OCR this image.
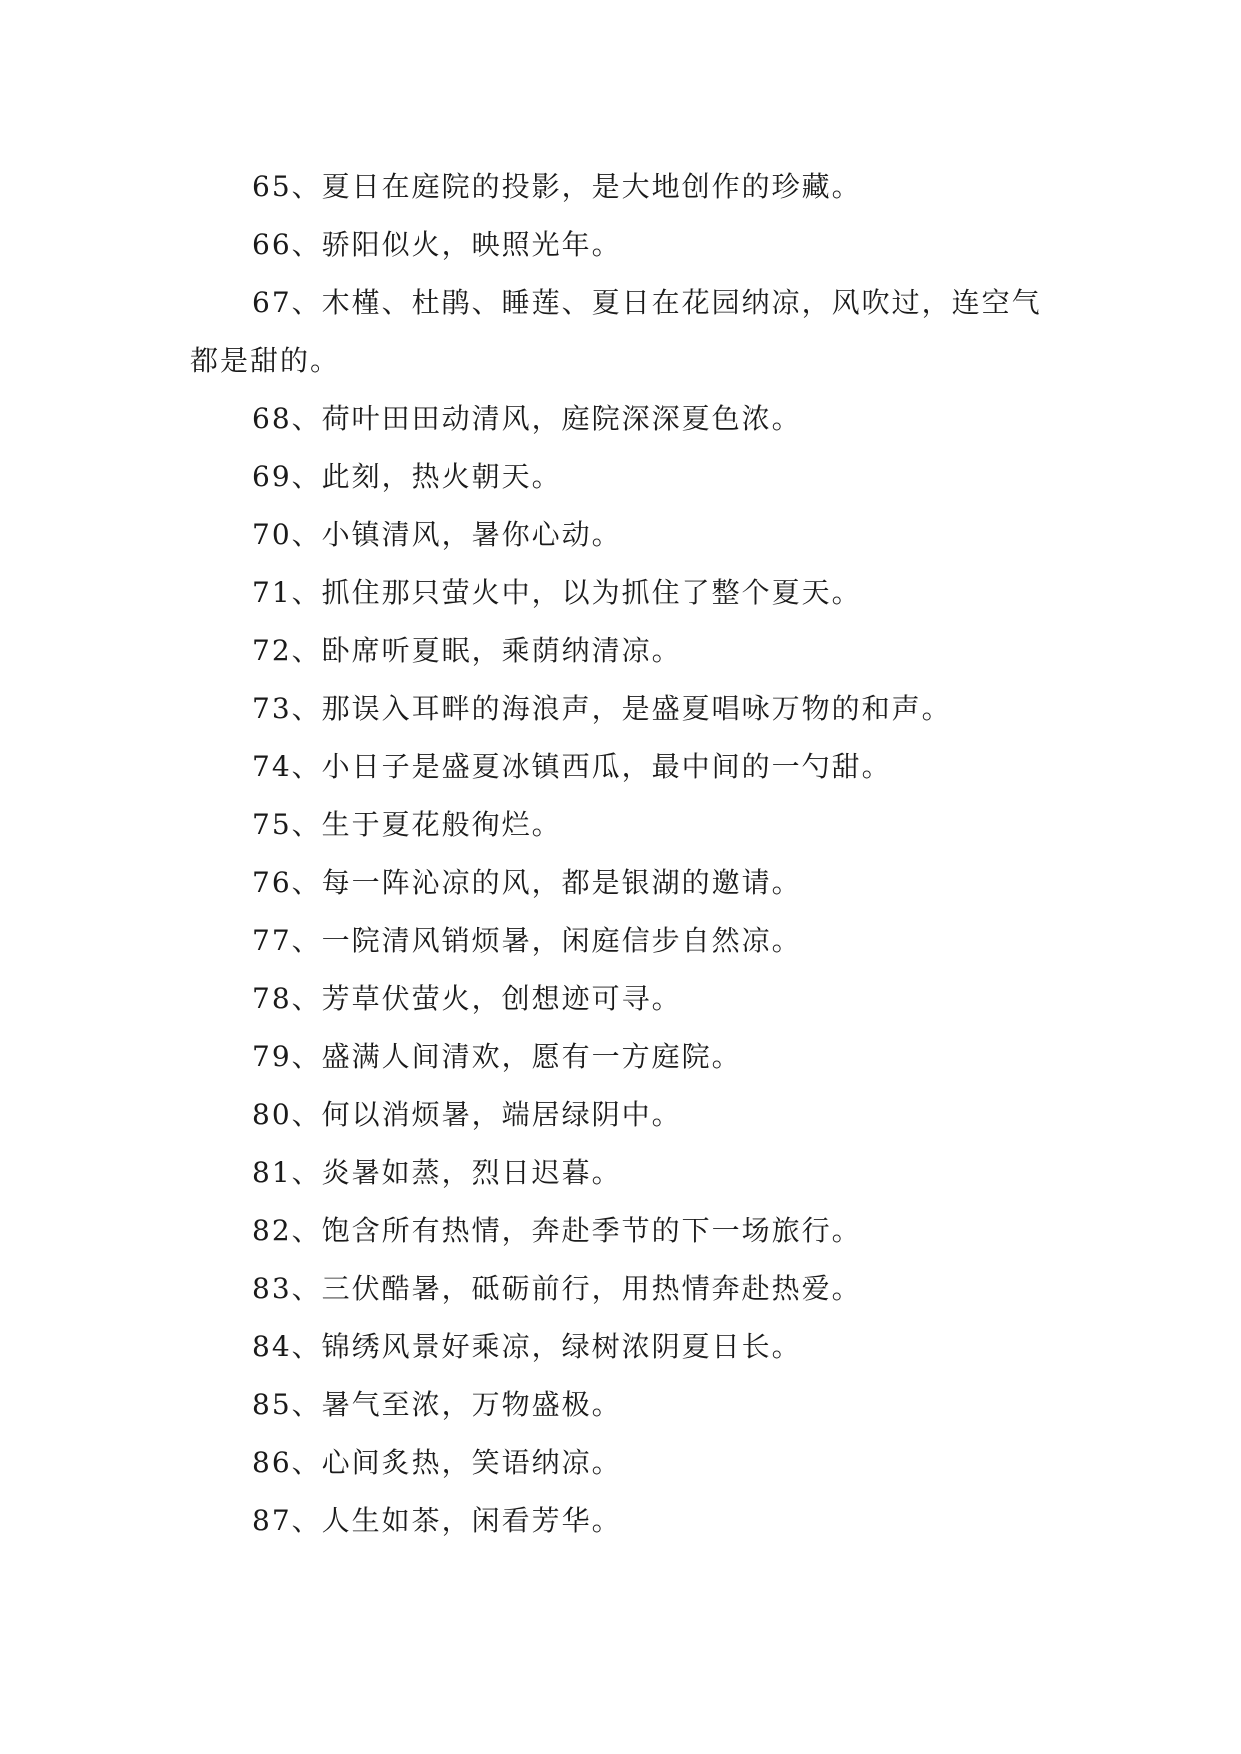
65、夏日在庭院的投影，是大地创作的珍藏。

66、骄阳似火，映照光年。

67、木槿、杜鹃、睡莲、夏日在花园纳凉，风吹过，连空气都是甜的。

68、荷叶田田动清风，庭院深深夏色浓。

69、此刻，热火朝天。

70、小镇清风，暑你心动。

71、抓住那只萤火中，以为抓住了整个夏天。

72、卧席听夏眠，乘荫纳清凉。

73、那误入耳畔的海浪声，是盛夏唱咏万物的和声。

74、小日子是盛夏冰镇西瓜，最中间的一勺甜。

75、生于夏花般徇烂。

76、每一阵沁凉的风，都是银湖的邀请。

77、一院清风销烦暑，闲庭信步自然凉。

78、芳草伏萤火，创想迹可寻。

79、盛满人间清欢，愿有一方庭院。

80、何以消烦暑，端居绿阴中。

81、炎暑如蒸，烈日迟暮。

82、饱含所有热情，奔赴季节的下一场旅行。

83、三伏酷暑，砥砺前行，用热情奔赴热爱。

84、锦绣风景好乘凉，绿树浓阴夏日长。

85、暑气至浓，万物盛极。

86、心间炙热，笑语纳凉。

87、人生如茶，闲看芳华。
